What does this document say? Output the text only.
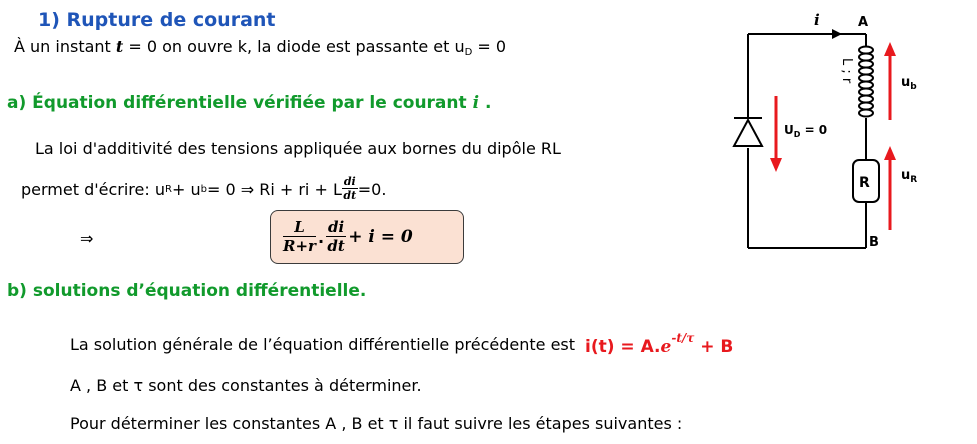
1) Rupture de courant
À un instant t = 0 on ouvre k, la diode est passante et $u_D = 0$
a) Équation différentielle vérifiée par le courant i .
La loi d'additivité des tensions appliquée aux bornes du dipôle RL
permet d'écrire: u R + u b = 0 ⇒ Ri + ri + L $\frac{di}{dt} =0$.
⇒	$\frac{L}{R+r}$ . $\frac{di}{dt} + i = 0$
b) solutions d’équation différentielle.
La solution générale de l’équation différentielle précédente est $i(t) = A.e^{-t/\tau} + B$
A , B et τ sont des constantes à déterminer.
Pour déterminer les constantes A , B et τ il faut suivre les étapes suivantes :
i	A
B
L ; r	$u_b$
$u_R$
R
$U_D = 0$
